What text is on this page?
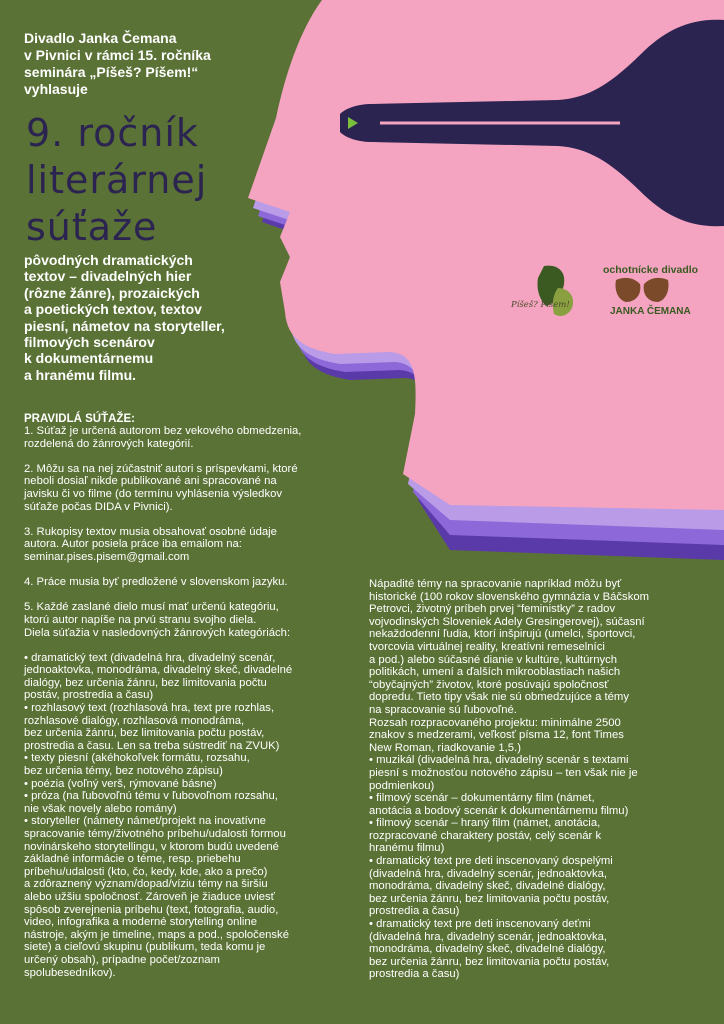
Divadlo Janka Čemana
v Pivnici v rámci 15. ročníka
seminára „Píšeš? Píšem!“
vyhlasuje
9. ročník
literárnej
súťaže
pôvodných dramatických
textov – divadelných hier
(rôzne žánre), prozaických
a poetických textov, textov
piesní, námetov na storyteller,
filmových scenárov
k dokumentárnemu
a hranému filmu.
Píšeš? Píšem!
ochotnícke divadlo
JANKA ČEMANA
PRAVIDLÁ SÚŤAŽE:
1. Súťaž je určená autorom bez vekového obmedzenia,
rozdelená do žánrových kategórií.
2. Môžu sa na nej zúčastniť autori s príspevkami, ktoré
neboli dosiaľ nikde publikované ani spracované na
javisku či vo filme (do termínu vyhlásenia výsledkov
súťaže počas DIDA v Pivnici).
3. Rukopisy textov musia obsahovať osobné údaje
autora. Autor posiela práce iba emailom na:
seminar.pises.pisem@gmail.com
4. Práce musia byť predložené v slovenskom jazyku.
5. Každé zaslané dielo musí mať určenú kategóriu,
ktorú autor napíše na prvú stranu svojho diela.
Diela súťažia v nasledovných žánrových kategóriách:
• dramatický text (divadelná hra, divadelný scenár,
jednoaktovka, monodráma, divadelný skeč, divadelné
dialógy, bez určenia žánru, bez limitovania počtu
postáv, prostredia a času)
• rozhlasový text (rozhlasová hra, text pre rozhlas,
rozhlasové dialógy, rozhlasová monodráma,
bez určenia žánru, bez limitovania počtu postáv,
prostredia a času. Len sa treba sústrediť na ZVUK)
• texty piesní (akéhokoľvek formátu, rozsahu,
bez určenia témy, bez notového zápisu)
• poézia (voľný verš, rýmované básne)
• próza (na ľubovoľnú tému v ľubovoľnom rozsahu,
nie však novely alebo romány)
• storyteller (námety námet/projekt na inovatívne
spracovanie témy/životného príbehu/udalosti formou
novinárskeho storytellingu, v ktorom budú uvedené
základné informácie o téme, resp. priebehu
príbehu/udalosti (kto, čo, kedy, kde, ako a prečo)
a zdôraznený význam/dopad/víziu témy na širšiu
alebo užšiu spoločnosť. Zároveň je žiaduce uviesť
spôsob zverejnenia príbehu (text, fotografia, audio,
video, infografika a moderné storytelling online
nástroje, akým je timeline, maps a pod., spoločenské
siete) a cieľovú skupinu (publikum, teda komu je
určený obsah), prípadne počet/zoznam
spolubesedníkov).
Nápadité témy na spracovanie napríklad môžu byť
historické (100 rokov slovenského gymnázia v Báčskom
Petrovci, životný príbeh prvej “feministky” z radov
vojvodinských Sloveniek Adely Gresingerovej), súčasní
nekaždodenní ľudia, ktorí inšpirujú (umelci, športovci,
tvorcovia virtuálnej reality, kreatívni remeselníci
a pod.) alebo súčasné dianie v kultúre, kultúrnych
politikách, umení a ďalších mikrooblastiach našich
“obyčajných” životov, ktoré posúvajú spoločnosť
dopredu. Tieto tipy však nie sú obmedzujúce a témy
na spracovanie sú ľubovoľné.
Rozsah rozpracovaného projektu: minimálne 2500
znakov s medzerami, veľkosť písma 12, font Times
New Roman, riadkovanie 1,5.)
• muzikál (divadelná hra, divadelný scenár s textami
piesní s možnosťou notového zápisu – ten však nie je
podmienkou)
• filmový scenár – dokumentárny film (námet,
anotácia a bodový scenár k dokumentárnemu filmu)
• filmový scenár – hraný film (námet, anotácia,
rozpracované charaktery postáv, celý scenár k
hranému filmu)
• dramatický text pre deti inscenovaný dospelými
(divadelná hra, divadelný scenár, jednoaktovka,
monodráma, divadelný skeč, divadelné dialógy,
bez určenia žánru, bez limitovania počtu postáv,
prostredia a času)
• dramatický text pre deti inscenovaný deťmi
(divadelná hra, divadelný scenár, jednoaktovka,
monodráma, divadelný skeč, divadelné dialógy,
bez určenia žánru, bez limitovania počtu postáv,
prostredia a času)
